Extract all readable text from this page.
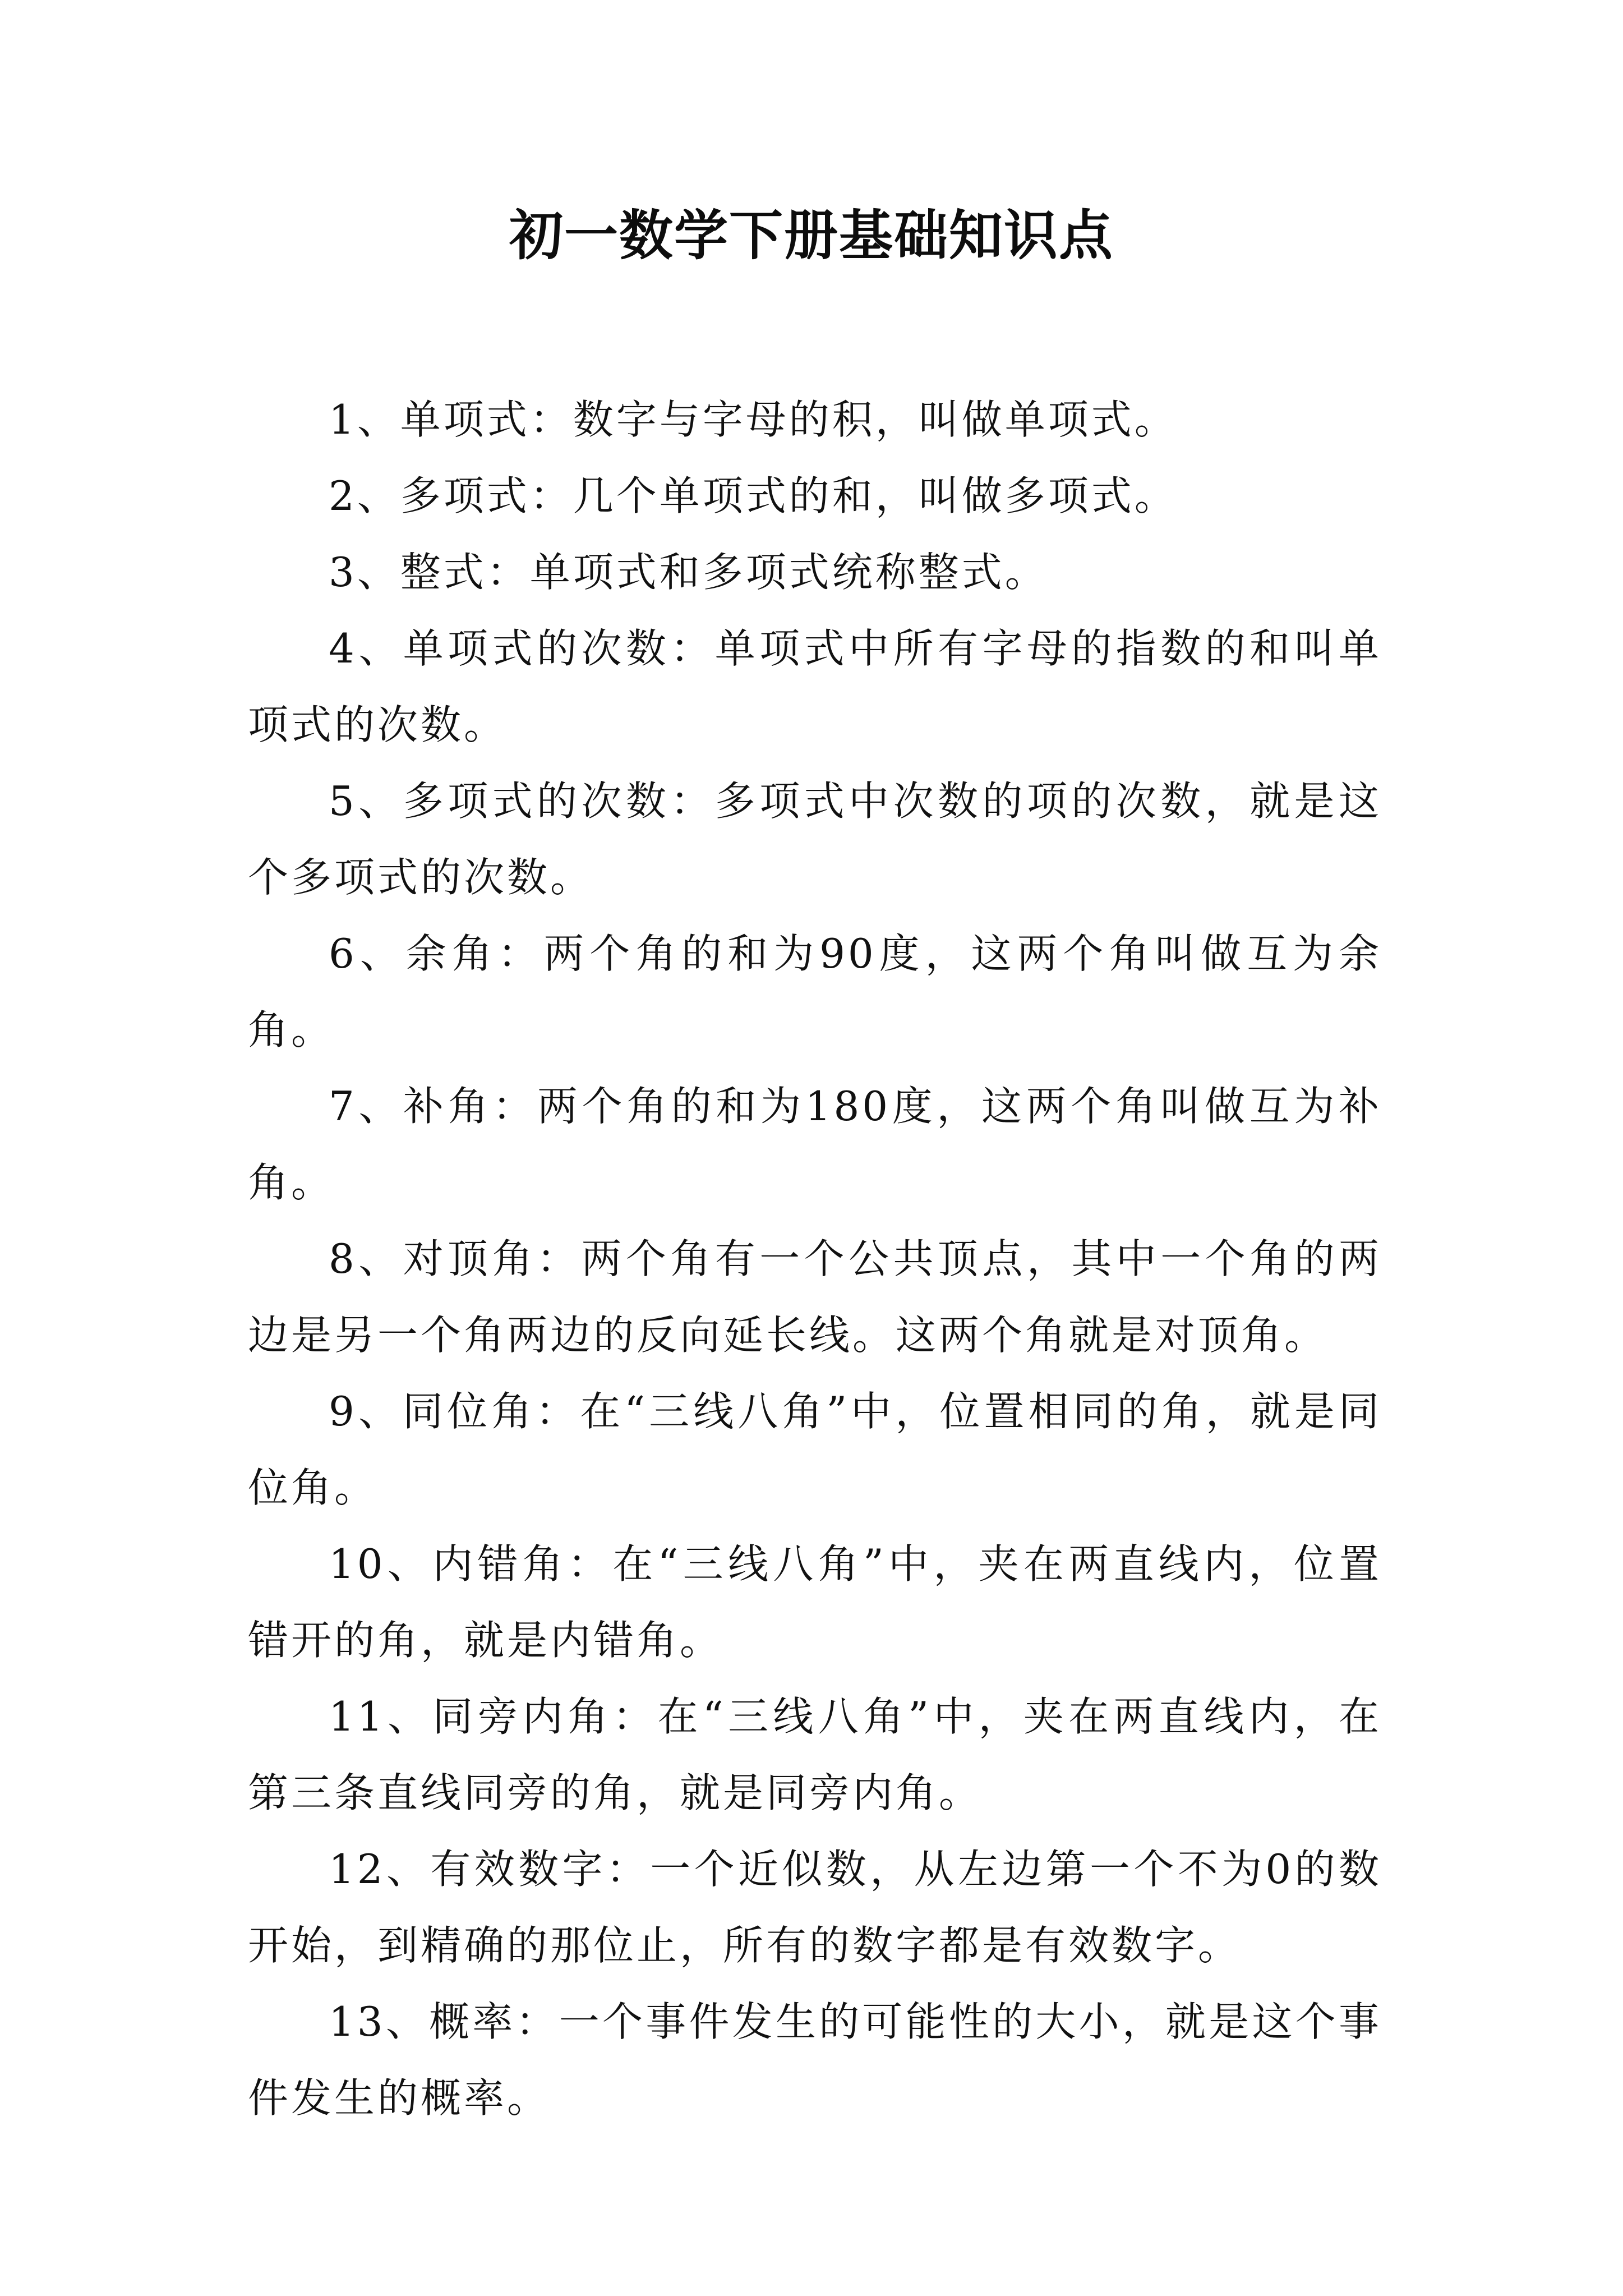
初一数学下册基础知识点

1、单项式：数字与字母的积，叫做单项式。

2、多项式：几个单项式的和，叫做多项式。

3、整式：单项式和多项式统称整式。

4、单项式的次数：单项式中所有字母的指数的和叫单项式的次数。

5、多项式的次数：多项式中次数的项的次数，就是这个多项式的次数。

6、余角：两个角的和为90度，这两个角叫做互为余角。

7、补角：两个角的和为180度，这两个角叫做互为补角。

8、对顶角：两个角有一个公共顶点，其中一个角的两边是另一个角两边的反向延长线。这两个角就是对顶角。

9、同位角：在“三线八角”中，位置相同的角，就是同位角。

10、内错角：在“三线八角”中，夹在两直线内，位置错开的角，就是内错角。

11、同旁内角：在“三线八角”中，夹在两直线内，在第三条直线同旁的角，就是同旁内角。

12、有效数字：一个近似数，从左边第一个不为0的数开始，到精确的那位止，所有的数字都是有效数字。

13、概率：一个事件发生的可能性的大小，就是这个事件发生的概率。
